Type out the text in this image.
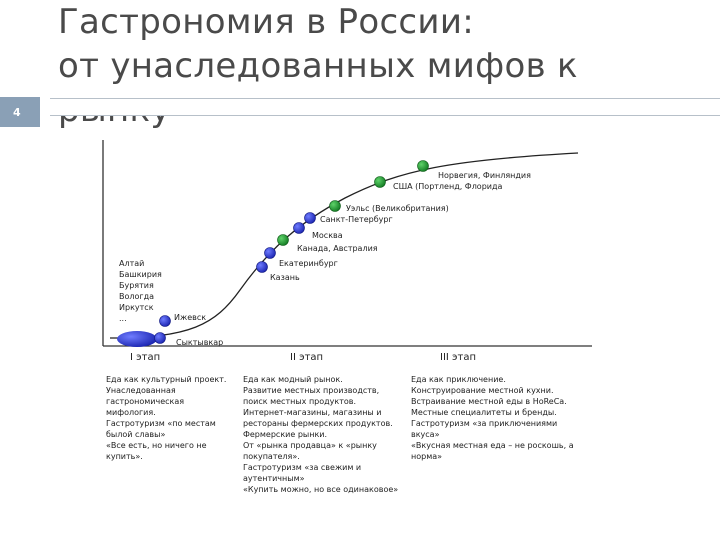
Гастрономия в России:
от унаследованных мифов к
4
Алтай
Башкирия
Бурятия
Вологда
Иркутск
...
Сыктывкар
Ижевск
Казань
Екатеринбург
Канада, Австралия
Москва
Санкт-Петербург
Уэльс (Великобритания)
США (Портленд, Флорида
Норвегия, Финляндия
I этап	II этап	III этап
Еда как культурный проект.
Унаследованная
гастрономическая
мифология.
Гастротуризм «по местам
былой славы»
«Все есть, но ничего не
купить».
Еда как модный рынок.
Развитие местных производств,
поиск местных продуктов.
Интернет-магазины, магазины и
рестораны фермерских продуктов.
Фермерские рынки.
От «рынка продавца» к «рынку
покупателя».
Гастротуризм «за свежим и
аутентичным»
«Купить можно, но все одинаковое»
Еда как приключение.
Конструирование местной кухни.
Встраивание местной еды в HoReCa.
Местные специалитеты и бренды.
Гастротуризм «за приключениями
вкуса»
«Вкусная местная еда – не роскошь, а
норма»
